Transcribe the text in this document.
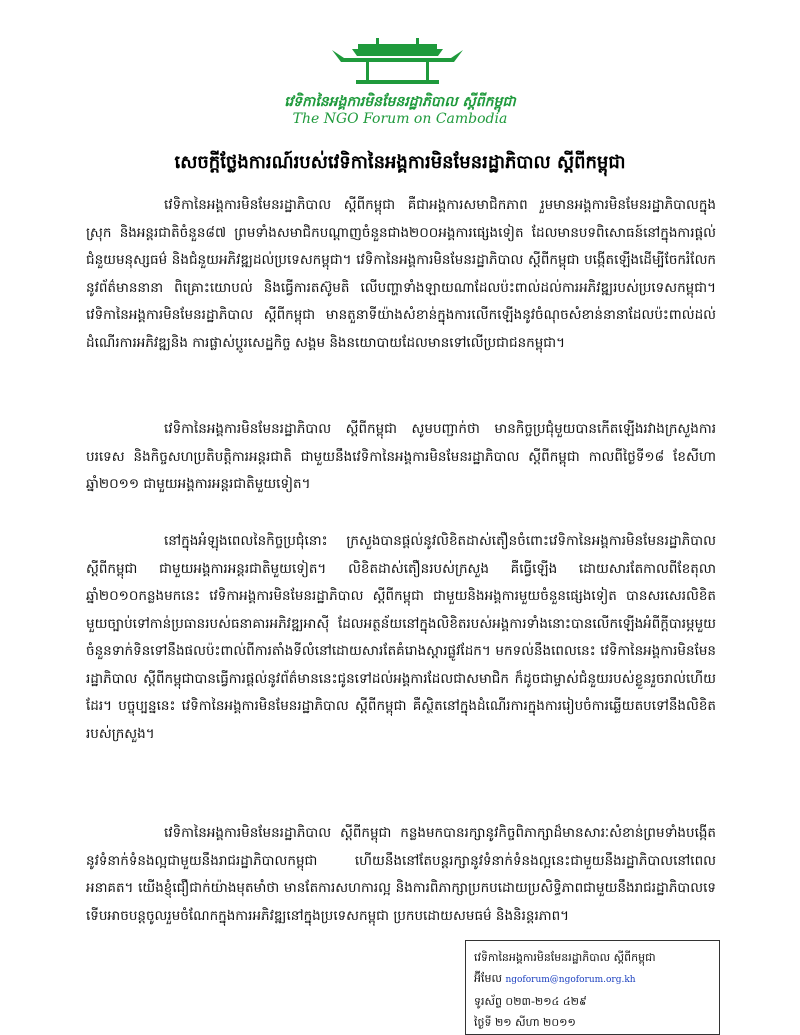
វេទិកានៃអង្គការមិនមែនរដ្ឋាភិបាល ស្តីពីកម្ពុជា
The NGO Forum on Cambodia
សេចក្តីថ្លែងការណ៍របស់វេទិកានៃអង្គការមិនមែនរដ្ឋាភិបាល ស្តីពីកម្ពុជា

វេទិកានៃអង្គការមិនមែនរដ្ឋាភិបាល ស្តីពីកម្ពុជា គឺជាអង្គការសមាជិកភាព រួមមានអង្គការមិនមែនរដ្ឋាភិបាលក្នុងស្រុក និងអន្តរជាតិចំនួន៨៧ ព្រមទាំងសមាជិកបណ្តាញចំនួនជាង២០០អង្គការផ្សេងទៀត ដែលមានបទពិសោធន៍នៅក្នុងការផ្តល់ជំនួយមនុស្សធម៌ និងជំនួយអភិវឌ្ឍដល់ប្រទេសកម្ពុជា។ វេទិកានៃអង្គការមិនមែនរដ្ឋាភិបាល ស្តីពីកម្ពុជា បង្កើតឡើងដើម្បីចែករំលែកនូវព័ត៌មាននានា ពិគ្រោះយោបល់ និងធ្វើការតស៊ូមតិ លើបញ្ហាទាំងឡាយណាដែលប៉ះពាល់ដល់ការអភិវឌ្ឍរបស់ប្រទេសកម្ពុជា។ វេទិកានៃអង្គការមិនមែនរដ្ឋាភិបាល ស្តីពីកម្ពុជា មានតួនាទីយ៉ាងសំខាន់ក្នុងការលើកឡើងនូវចំណុចសំខាន់នានាដែលប៉ះពាល់ដល់ដំណើរការអភិវឌ្ឍនិង ការផ្លាស់ប្តូរសេដ្ឋកិច្ច សង្គម និងនយោបាយដែលមានទៅលើប្រជាជនកម្ពុជា។

វេទិកានៃអង្គការមិនមែនរដ្ឋាភិបាល ស្តីពីកម្ពុជា សូមបញ្ជាក់ថា មានកិច្ចប្រជុំមួយបានកើតឡើងរវាងក្រសួងការបរទេស និងកិច្ចសហប្រតិបត្តិការអន្តរជាតិ ជាមួយនឹងវេទិកានៃអង្គការមិនមែនរដ្ឋាភិបាល ស្តីពីកម្ពុជា កាលពីថ្ងៃទី១៨ ខែសីហា ឆ្នាំ២០១១ ជាមួយអង្គការអន្តរជាតិមួយទៀត។

នៅក្នុងអំឡុងពេលនៃកិច្ចប្រជុំនោះ ក្រសួងបានផ្តល់នូវលិខិតដាស់តឿនចំពោះវេទិកានៃអង្គការមិនមែនរដ្ឋាភិបាល ស្តីពីកម្ពុជា ជាមួយអង្គការអន្តរជាតិមួយទៀត។ លិខិតដាស់តឿនរបស់ក្រសួង គឺធ្វើឡើង ដោយសារតែកាលពីខែតុលា ឆ្នាំ២០១០កន្លងមកនេះ វេទិកាអង្គការមិនមែនរដ្ឋាភិបាល ស្តីពីកម្ពុជា ជាមួយនិងអង្គការមួយចំនួនផ្សេងទៀត បានសរសេរលិខិតមួយច្បាប់ទៅកាន់ប្រធានរបស់ធនាគារអភិវឌ្ឍអាស៊ី ដែលអត្ថន័យនៅក្នុងលិខិតរបស់អង្គការទាំងនោះបានលើកឡើងអំពីក្តីបារម្ភមួយចំនួនទាក់ទិនទៅនឹងផលប៉ះពាល់ពីការតាំងទីលំនៅដោយសារតែគំរោងស្តារផ្លូវដែក។ មកទល់នឹងពេលនេះ វេទិកានៃអង្គការមិនមែន រដ្ឋាភិបាល ស្តីពីកម្ពុជាបានធ្វើការផ្តល់នូវព័ត៌មាននេះជូនទៅដល់អង្គការដែលជាសមាជិក ក៏ដូចជាម្ចាស់ជំនួយរបស់ខ្លួនរួចរាល់ហើយដែរ។ បច្ចុប្បន្ននេះ វេទិកានៃអង្គការមិនមែនរដ្ឋាភិបាល ស្តីពីកម្ពុជា គឺស្ថិតនៅក្នុងដំណើរការក្នុងការរៀបចំការឆ្លើយតបទៅនឹងលិខិតរបស់ក្រសួង។

វេទិកានៃអង្គការមិនមែនរដ្ឋាភិបាល ស្តីពីកម្ពុជា កន្លងមកបានរក្សានូវកិច្ចពិភាក្សាដ៏មានសារៈសំខាន់ព្រមទាំងបង្កើតនូវទំនាក់ទំនងល្អជាមួយនឹងរាជរដ្ឋាភិបាលកម្ពុជា ហើយនឹងនៅតែបន្តរក្សានូវទំនាក់ទំនងល្អនេះជាមួយនឹងរដ្ឋាភិបាលនៅពេលអនាគត។ យើងខ្ញុំជឿជាក់យ៉ាងមុតមាំថា មានតែការសហការល្អ និងការពិភាក្សាប្រកបដោយប្រសិទ្ធិភាពជាមួយនឹងរាជរដ្ឋាភិបាលទេ ទើបអាចបន្តចូលរួមចំណែកក្នុងការអភិវឌ្ឍនៅក្នុងប្រទេសកម្ពុជា ប្រកបដោយសមធម៌ និងនិរន្តរភាព។

វេទិកានៃអង្គការមិនមែនរដ្ឋាភិបាល ស្តីពីកម្ពុជា
អ៊ីមែល ngoforum@ngoforum.org.kh
ទូរស័ព្ទ ០២៣-២១៤ ៤២៩
ថ្ងៃទី ២១ សីហា ២០១១
